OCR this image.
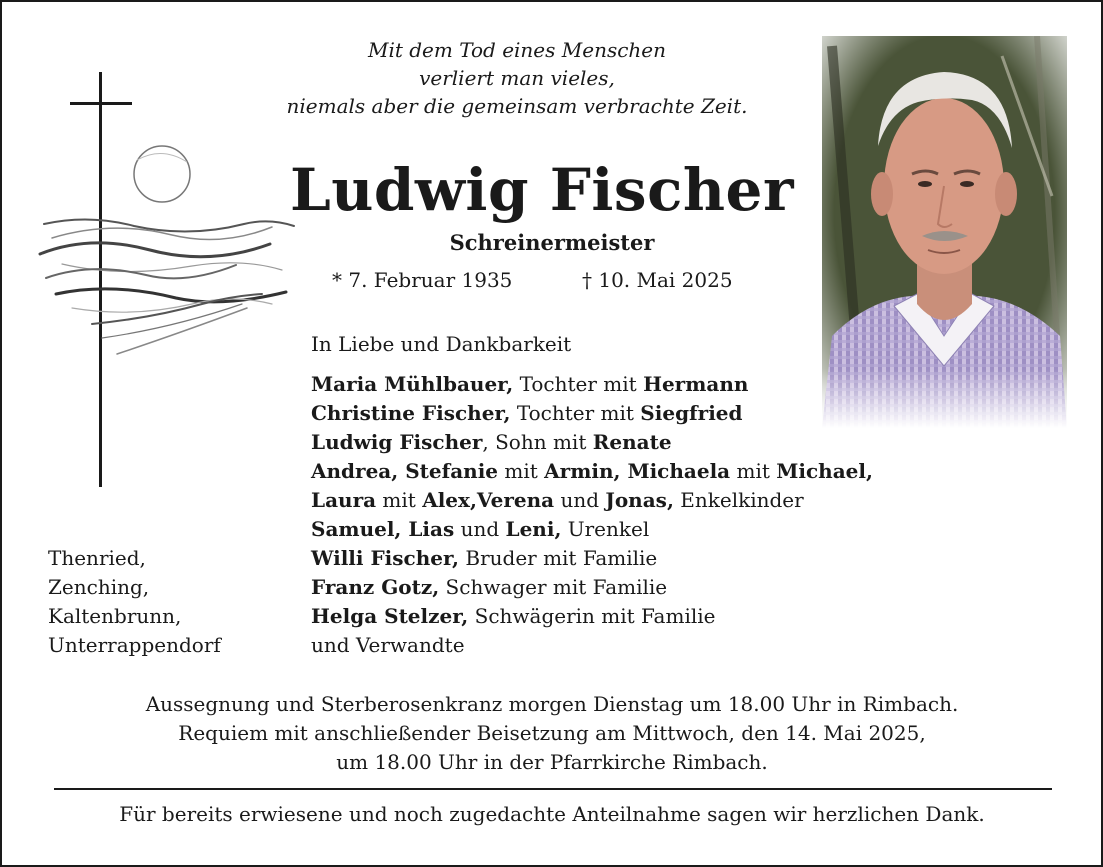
Mit dem Tod eines Menschen
verliert man vieles,
niemals aber die gemeinsam verbrachte Zeit.
Ludwig Fischer
Schreinermeister
* 7. Februar 1935	† 10. Mai 2025
In Liebe und Dankbarkeit
Maria Mühlbauer, Tochter mit Hermann
Christine Fischer, Tochter mit Siegfried
Ludwig Fischer, Sohn mit Renate
Andrea, Stefanie mit Armin, Michaela mit Michael,
Laura mit Alex,Verena und Jonas, Enkelkinder
Samuel, Lias und Leni, Urenkel
Willi Fischer, Bruder mit Familie
Franz Gotz, Schwager mit Familie
Helga Stelzer, Schwägerin mit Familie
und Verwandte
Thenried,
Zenching,
Kaltenbrunn,
Unterrappendorf
Aussegnung und Sterberosenkranz morgen Dienstag um 18.00 Uhr in Rimbach.
Requiem mit anschließender Beisetzung am Mittwoch, den 14. Mai 2025,
um 18.00 Uhr in der Pfarrkirche Rimbach.
Für bereits erwiesene und noch zugedachte Anteilnahme sagen wir herzlichen Dank.
